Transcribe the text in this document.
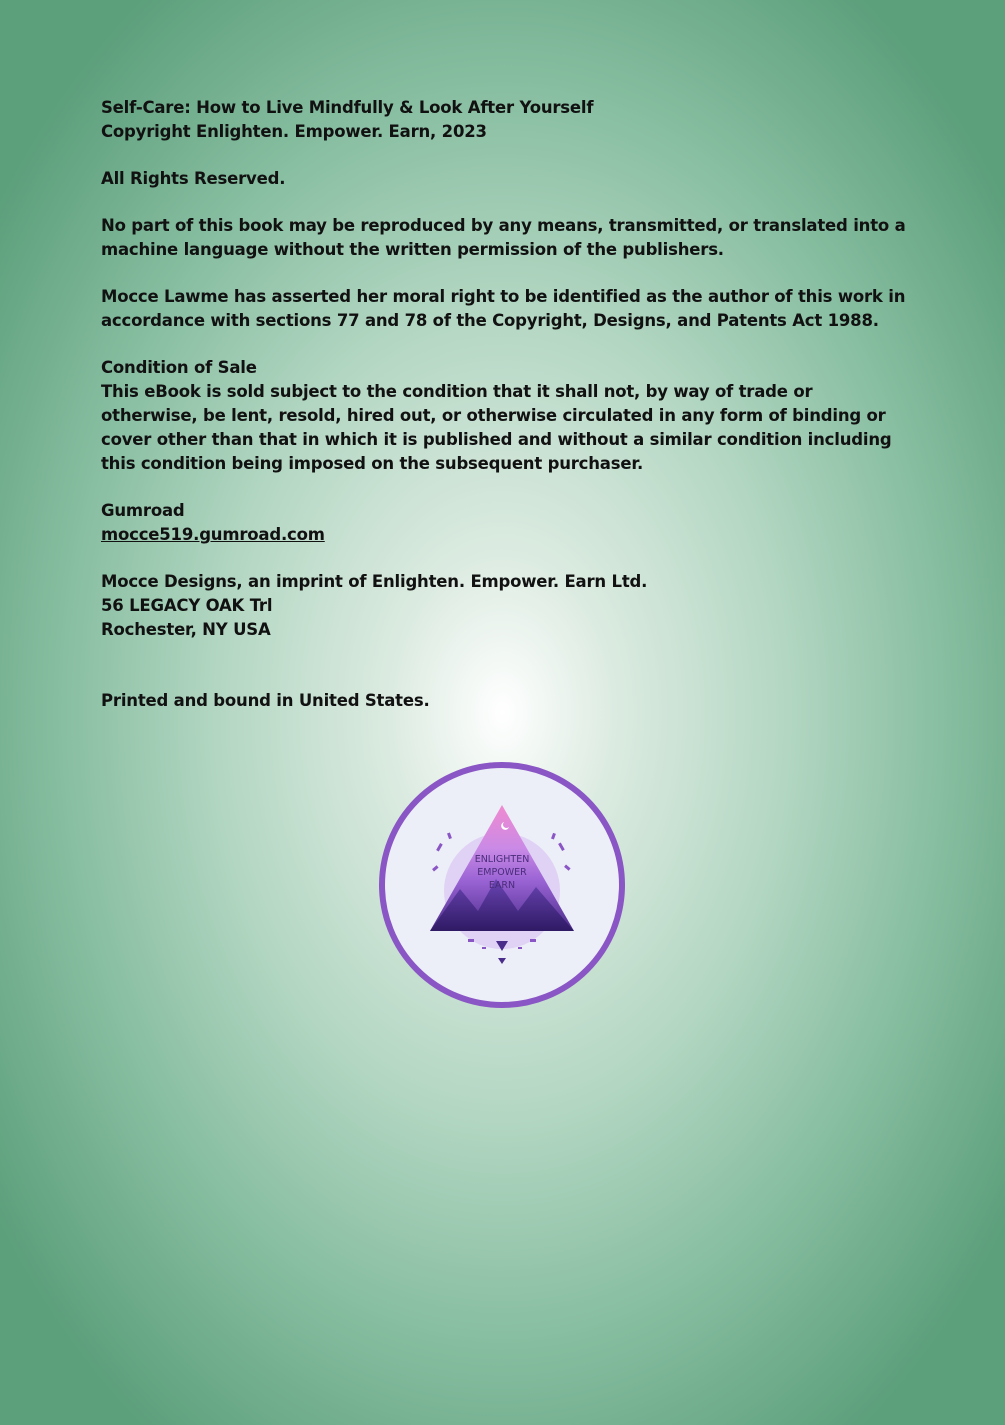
Self-Care: How to Live Mindfully & Look After Yourself

Copyright Enlighten. Empower. Earn, 2023

All Rights Reserved.

No part of this book may be reproduced by any means, transmitted, or translated into a machine language without the written permission of the publishers.

Mocce Lawme has asserted her moral right to be identified as the author of this work in accordance with sections 77 and 78 of the Copyright, Designs, and Patents Act 1988.

Condition of Sale

This eBook is sold subject to the condition that it shall not, by way of trade or otherwise, be lent, resold, hired out, or otherwise circulated in any form of binding or cover other than that in which it is published and without a similar condition including this condition being imposed on the subsequent purchaser.

Gumroad

mocce519.gumroad.com

Mocce Designs, an imprint of Enlighten. Empower. Earn Ltd.

56 LEGACY OAK Trl

Rochester, NY USA

Printed and bound in United States.

ENLIGHTEN
EMPOWER
EARN
